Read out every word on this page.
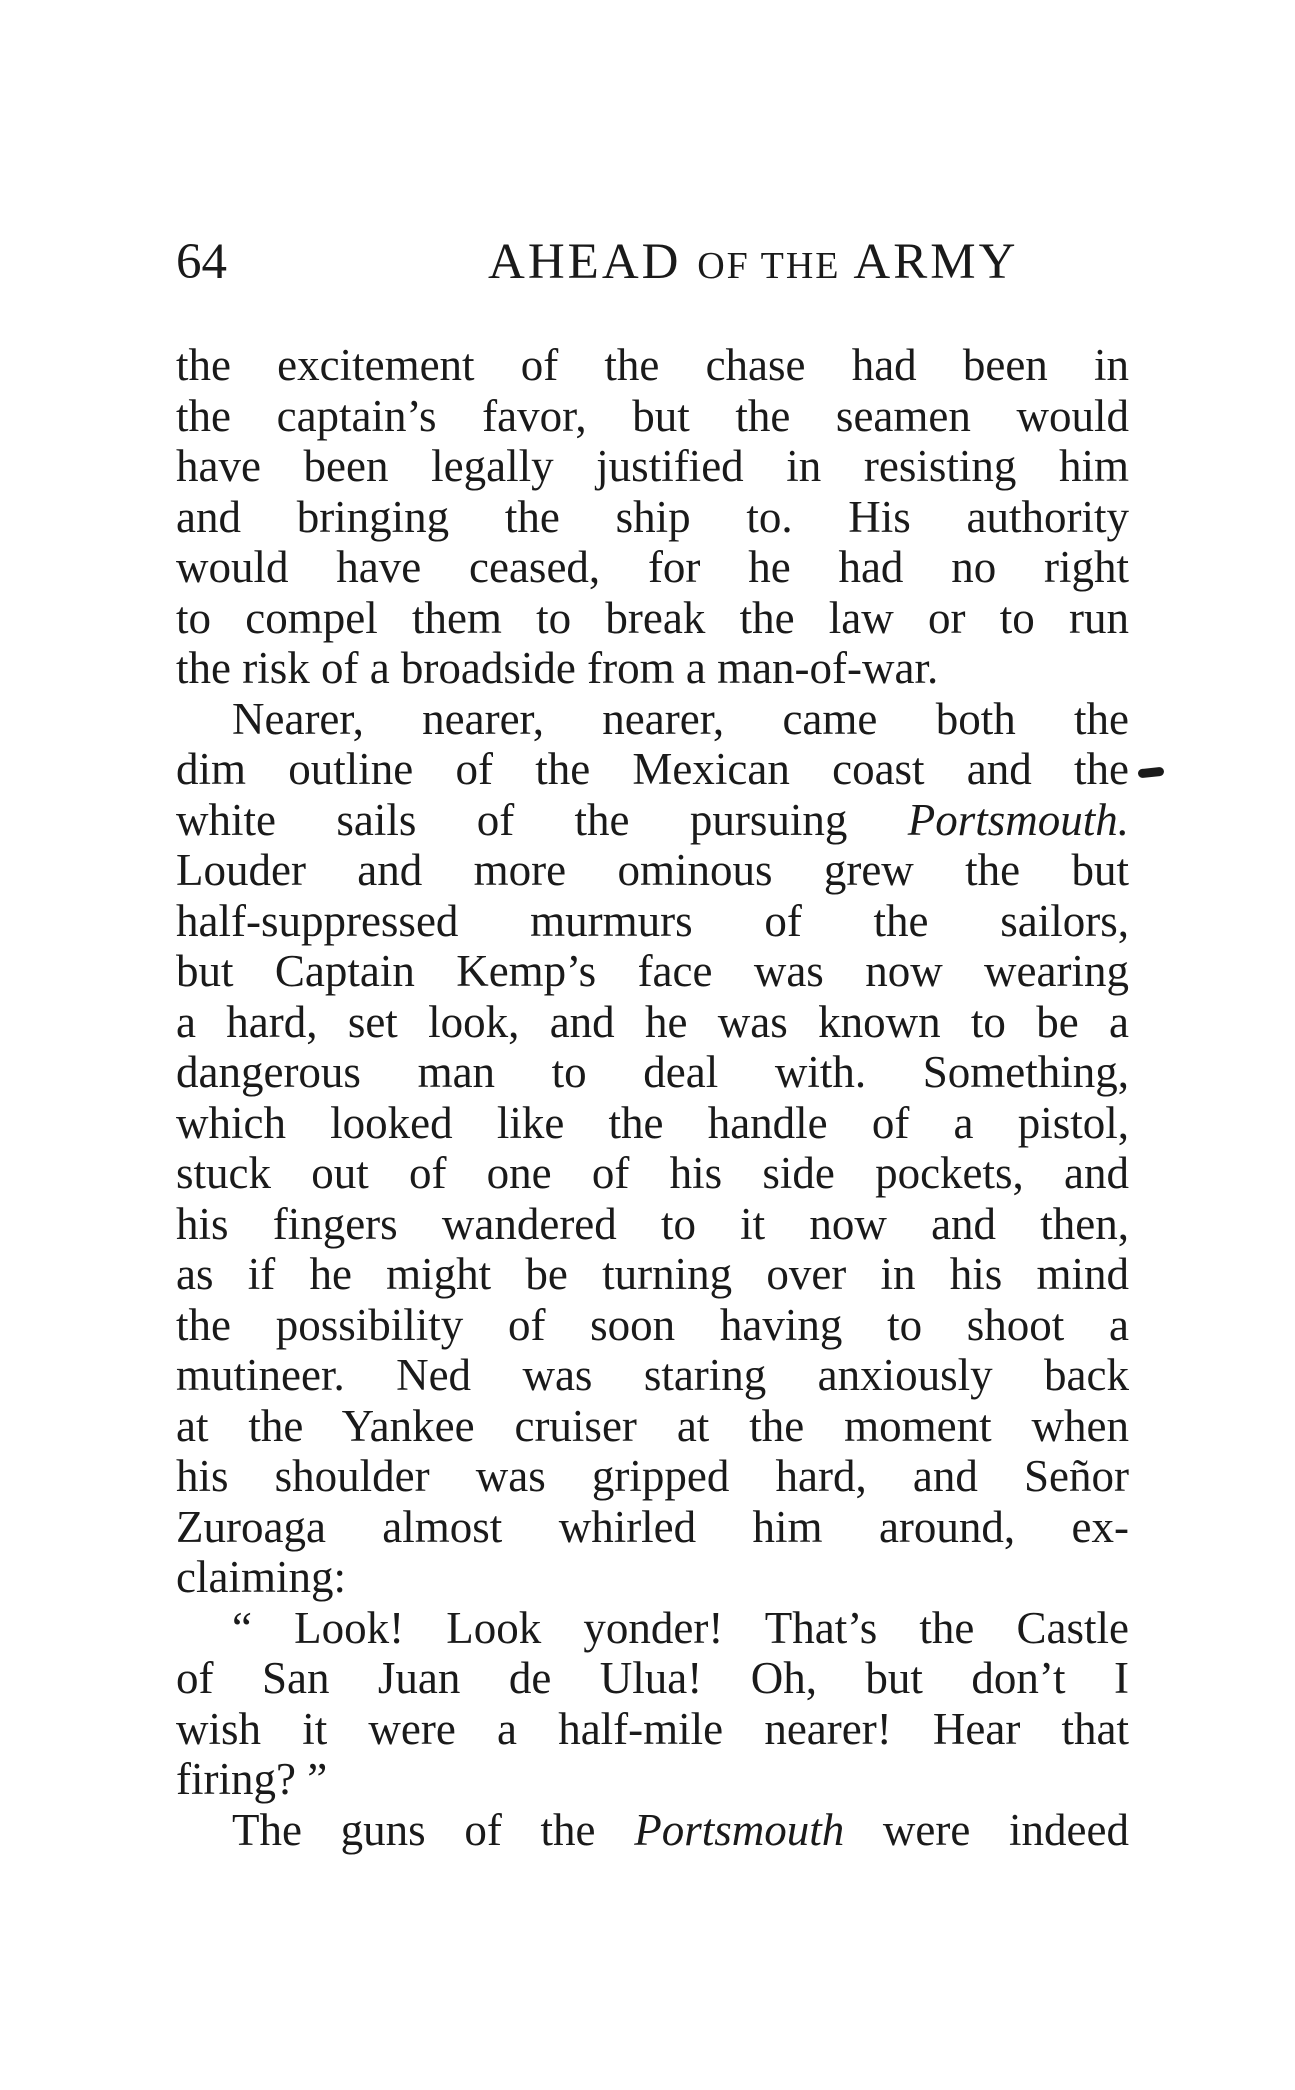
64	AHEAD OF THE ARMY
the excitement of the chase had been in
the captain’s favor, but the seamen would
have been legally justified in resisting him
and bringing the ship to. His authority
would have ceased, for he had no right
to compel them to break the law or to run
the risk of a broadside from a man-of-war.
Nearer, nearer, nearer, came both the
dim outline of the Mexican coast and the
white sails of the pursuing Portsmouth.
Louder and more ominous grew the but
half-suppressed murmurs of the sailors,
but Captain Kemp’s face was now wearing
a hard, set look, and he was known to be a
dangerous man to deal with. Something,
which looked like the handle of a pistol,
stuck out of one of his side pockets, and
his fingers wandered to it now and then,
as if he might be turning over in his mind
the possibility of soon having to shoot a
mutineer. Ned was staring anxiously back
at the Yankee cruiser at the moment when
his shoulder was gripped hard, and Señor
Zuroaga almost whirled him around, ex-
claiming:
“ Look! Look yonder! That’s the Castle
of San Juan de Ulua! Oh, but don’t I
wish it were a half-mile nearer! Hear that
firing? ”
The guns of the Portsmouth were indeed
